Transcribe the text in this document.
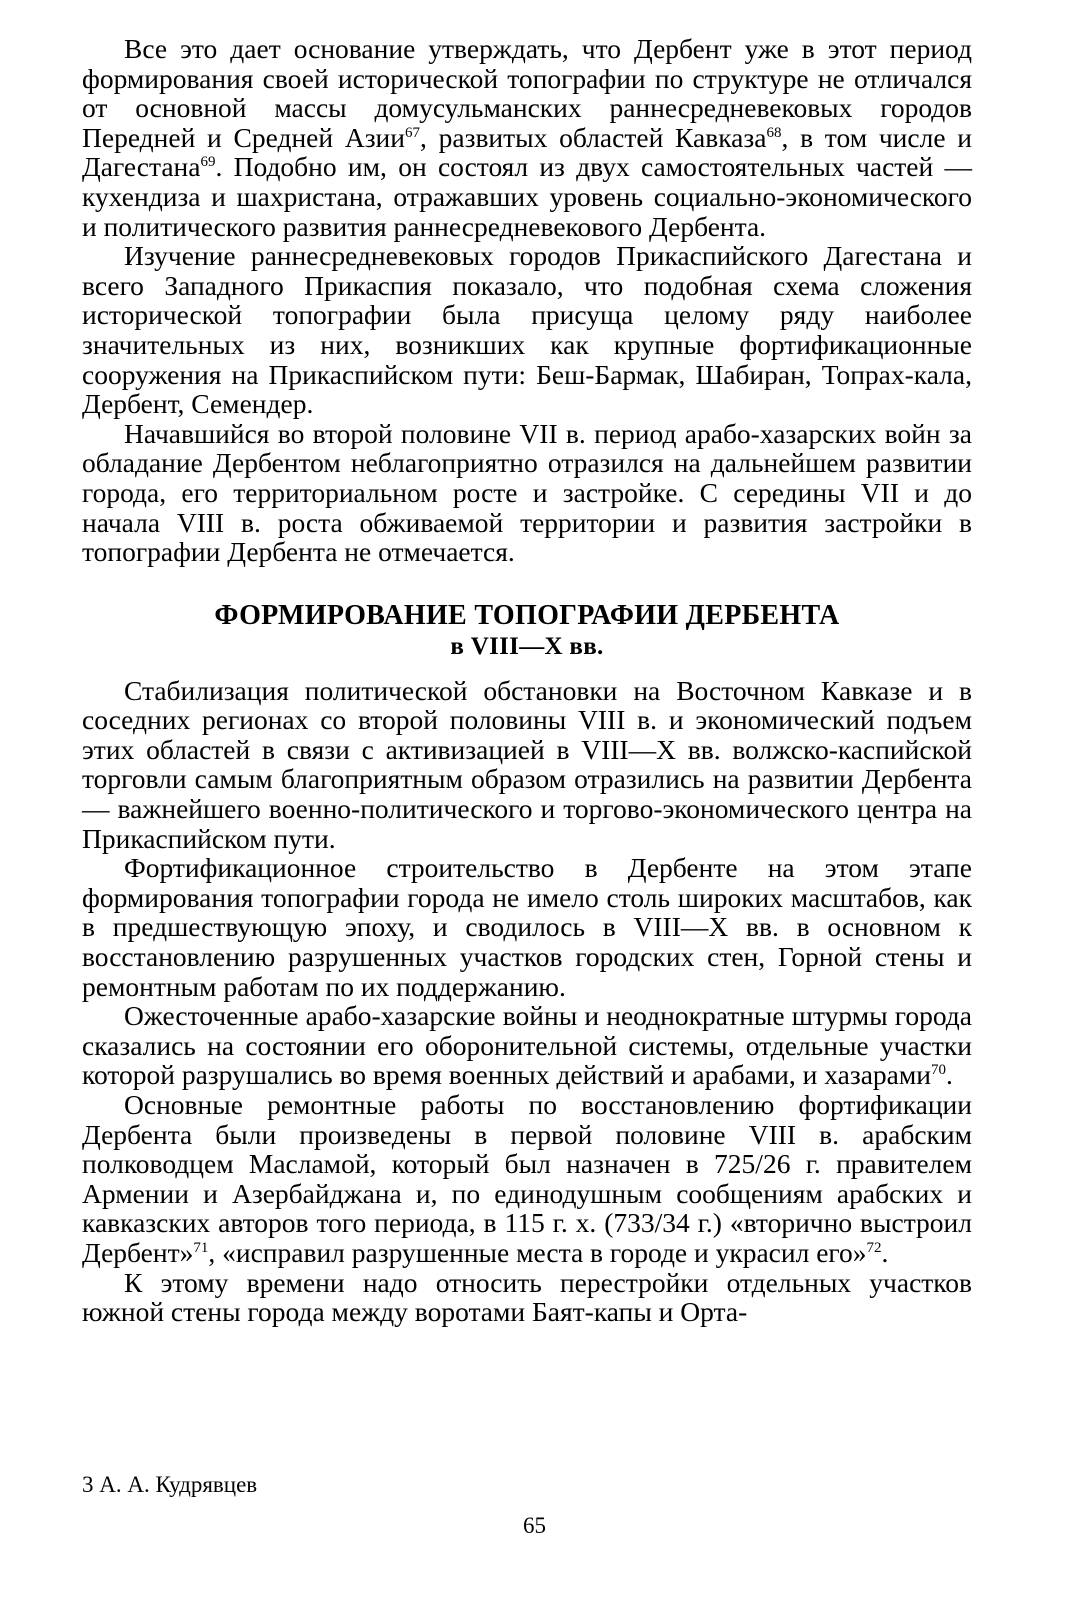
Все это дает основание утверждать, что Дербент уже в этот период формирования своей исторической топографии по структуре не отличался от основной массы домусульманских раннесредневековых городов Передней и Средней Азии$^{67}$, развитых областей Кавказа$^{68}$, в том числе и Дагестана$^{69}$. Подобно им, он состоял из двух самостоятельных частей — кухендиза и шахристана, отражавших уровень социально-экономического и политического развития раннесредневекового Дербента.

Изучение раннесредневековых городов Прикаспийского Дагестана и всего Западного Прикаспия показало, что подобная схема сложения исторической топографии была присуща целому ряду наиболее значительных из них, возникших как крупные фортификационные сооружения на Прикаспийском пути: Беш-Бармак, Шабиран, Топрах-кала, Дербент, Семендер.

Начавшийся во второй половине VII в. период арабо-хазарских войн за обладание Дербентом неблагоприятно отразился на дальнейшем развитии города, его территориальном росте и застройке. С середины VII и до начала VIII в. роста обживаемой территории и развития застройки в топографии Дербента не отмечается.

ФОРМИРОВАНИЕ ТОПОГРАФИИ ДЕРБЕНТА
в VIII—X вв.

Стабилизация политической обстановки на Восточном Кавказе и в соседних регионах со второй половины VIII в. и экономический подъем этих областей в связи с активизацией в VIII—X вв. волжско-каспийской торговли самым благоприятным образом отразились на развитии Дербента — важнейшего военно-политического и торгово-экономического центра на Прикаспийском пути.

Фортификационное строительство в Дербенте на этом этапе формирования топографии города не имело столь широких масштабов, как в предшествующую эпоху, и сводилось в VIII—X вв. в основном к восстановлению разрушенных участков городских стен, Горной стены и ремонтным работам по их поддержанию.

Ожесточенные арабо-хазарские войны и неоднократные штурмы города сказались на состоянии его оборонительной системы, отдельные участки которой разрушались во время военных действий и арабами, и хазарами$^{70}$.

Основные ремонтные работы по восстановлению фортификации Дербента были произведены в первой половине VIII в. арабским полководцем Масламой, который был назначен в 725/26 г. правителем Армении и Азербайджана и, по единодушным сообщениям арабских и кавказских авторов того периода, в 115 г. х. (733/34 г.) «вторично выстроил Дербент»$^{71}$, «исправил разрушенные места в городе и украсил его»$^{72}$.

К этому времени надо относить перестройки отдельных участков южной стены города между воротами Баят-капы и Орта-

3 А. А. Кудрявцев
65
